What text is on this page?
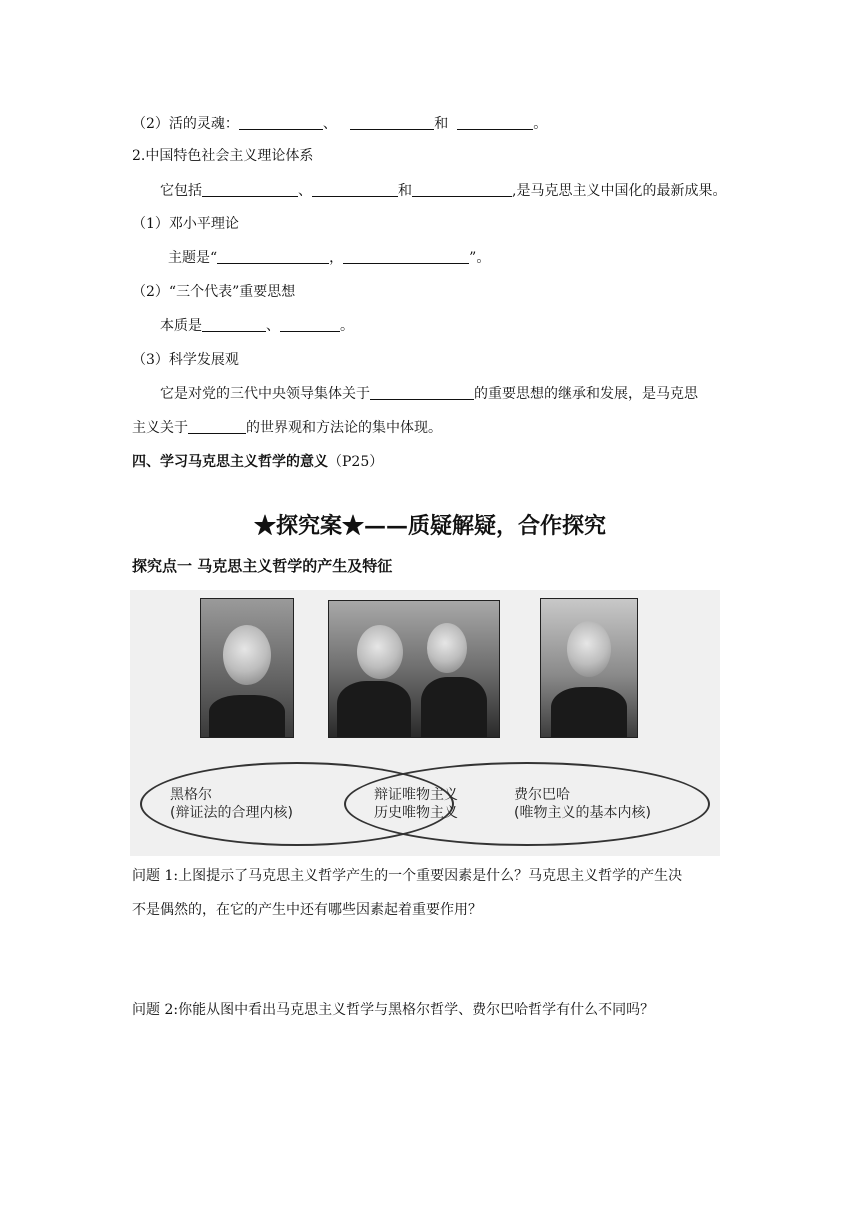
（2）活的灵魂：	、	和	。
2.中国特色社会主义理论体系
它包括	、	和	,是马克思主义中国化的最新成果。
（1）邓小平理论
主题是“	，	”。
（2）“三个代表”重要思想
本质是	、	。
（3）科学发展观
它是对党的三代中央领导集体关于	的重要思想的继承和发展，是马克思
主义关于	的世界观和方法论的集中体现。
四、学习马克思主义哲学的意义（P25）
★探究案★——质疑解疑，合作探究
探究点一 马克思主义哲学的产生及特征
黑格尔
(辩证法的合理内核)
辩证唯物主义
历史唯物主义
费尔巴哈
(唯物主义的基本内核)
问题 1:上图提示了马克思主义哲学产生的一个重要因素是什么？马克思主义哲学的产生决
不是偶然的，在它的产生中还有哪些因素起着重要作用？
问题 2:你能从图中看出马克思主义哲学与黑格尔哲学、费尔巴哈哲学有什么不同吗？
